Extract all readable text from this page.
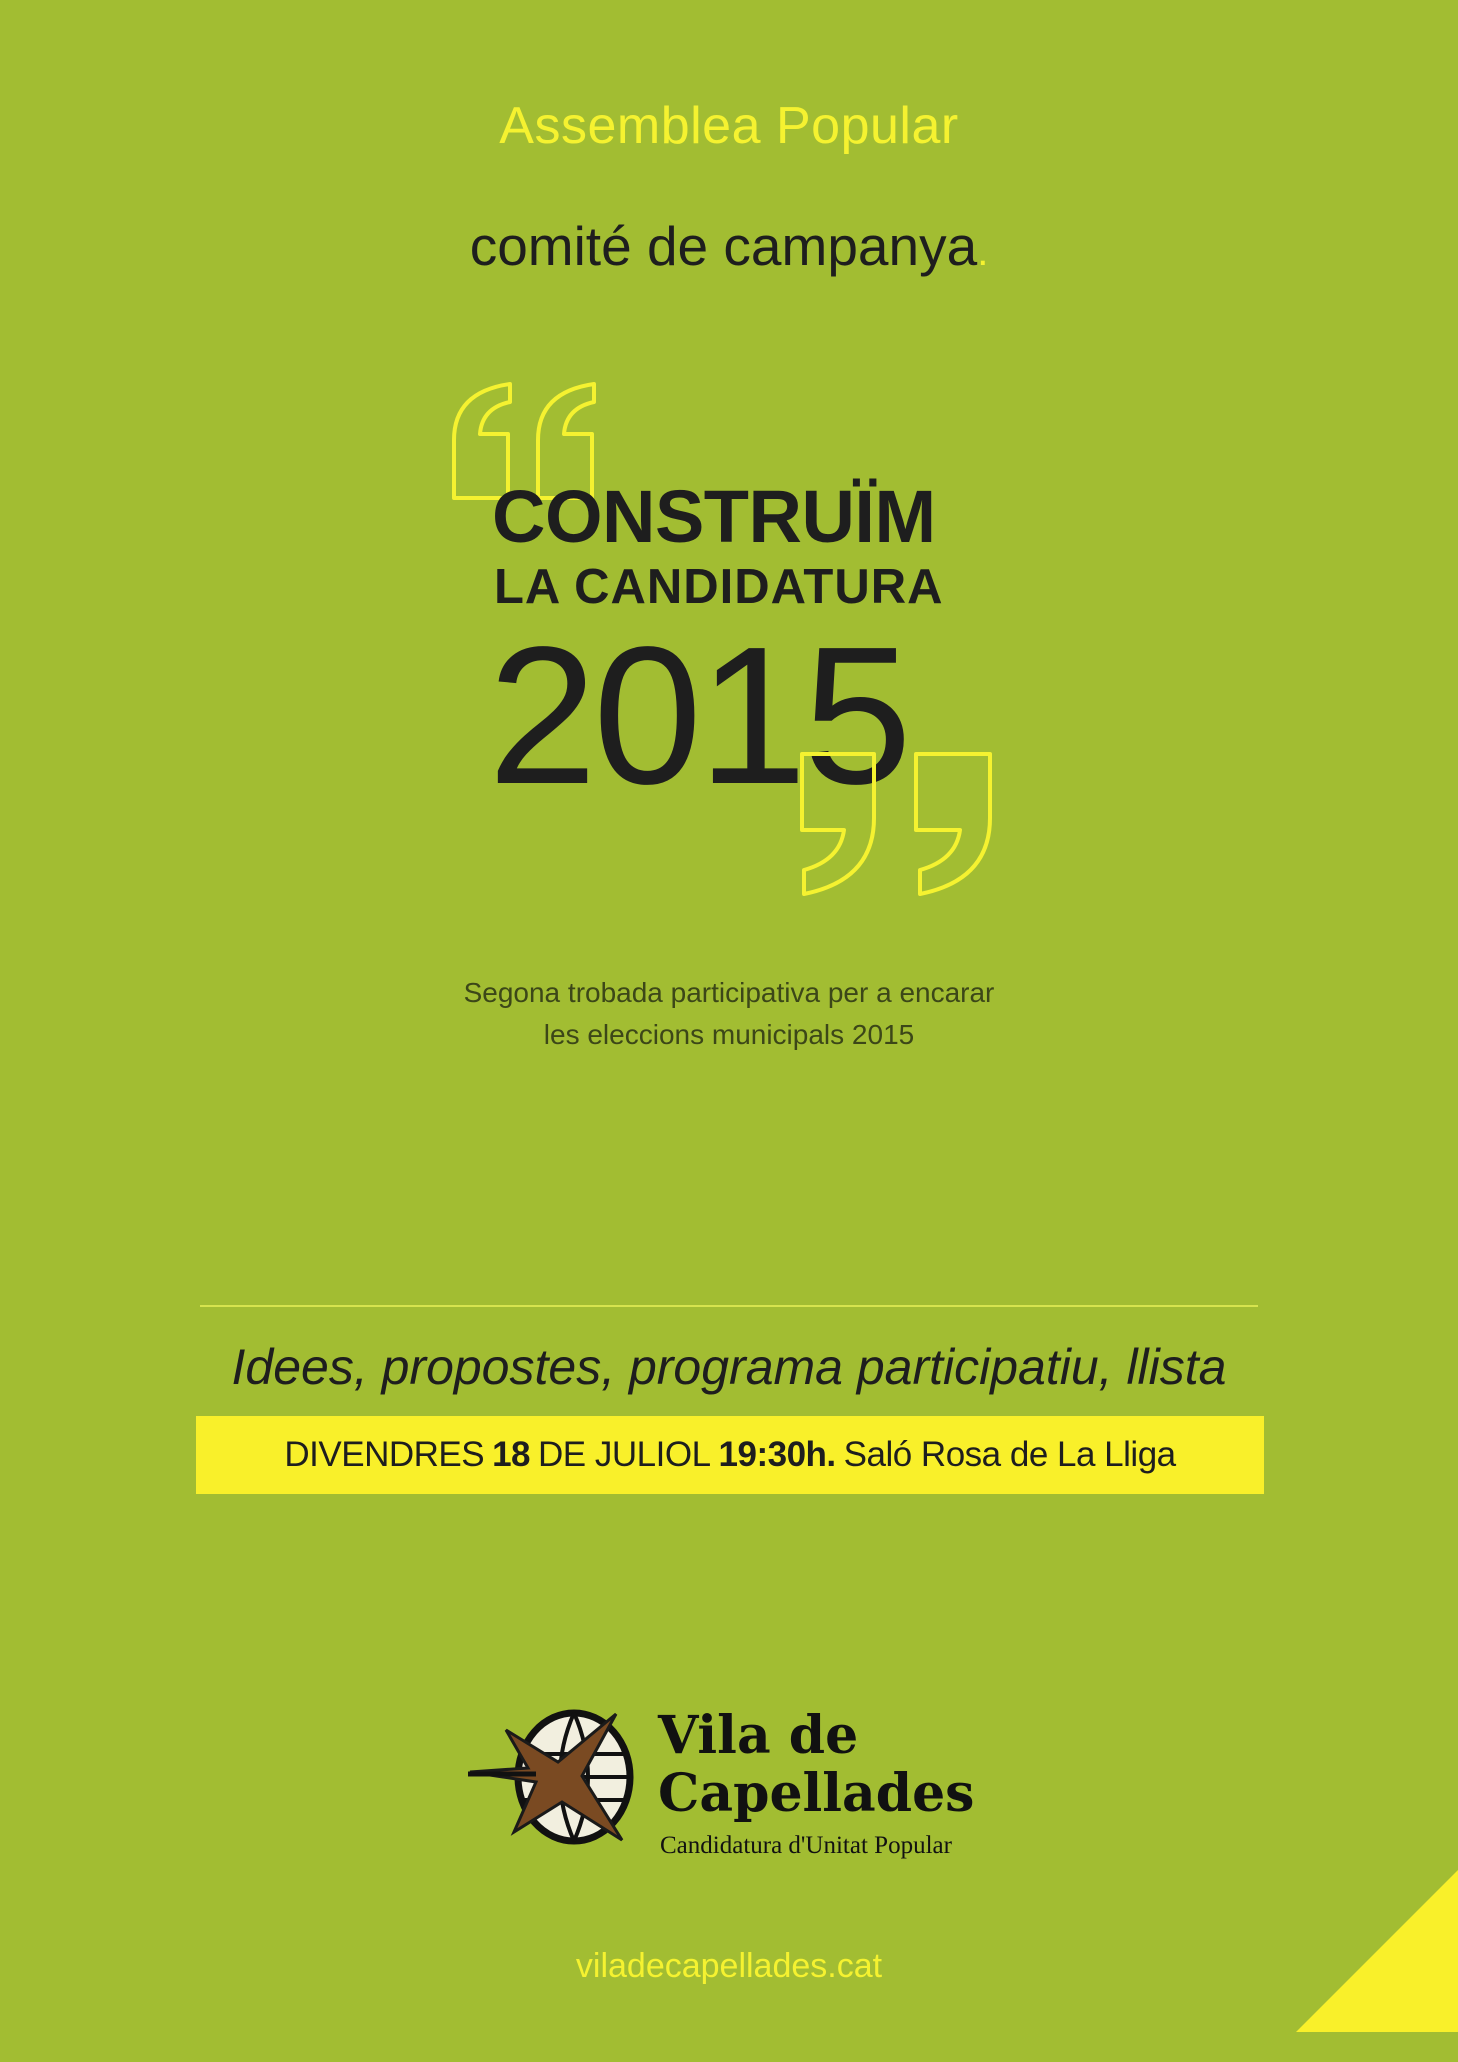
Assemblea Popular
comité de campanya.
CONSTRUÏM
LA CANDIDATURA
2015
Segona trobada participativa per a encarar
les eleccions municipals 2015
Idees, propostes, programa participatiu, llista
DIVENDRES 18 DE JULIOL 19:30h. Saló Rosa de La Lliga
Vila de
Capellades
Candidatura d'Unitat Popular
viladecapellades.cat
